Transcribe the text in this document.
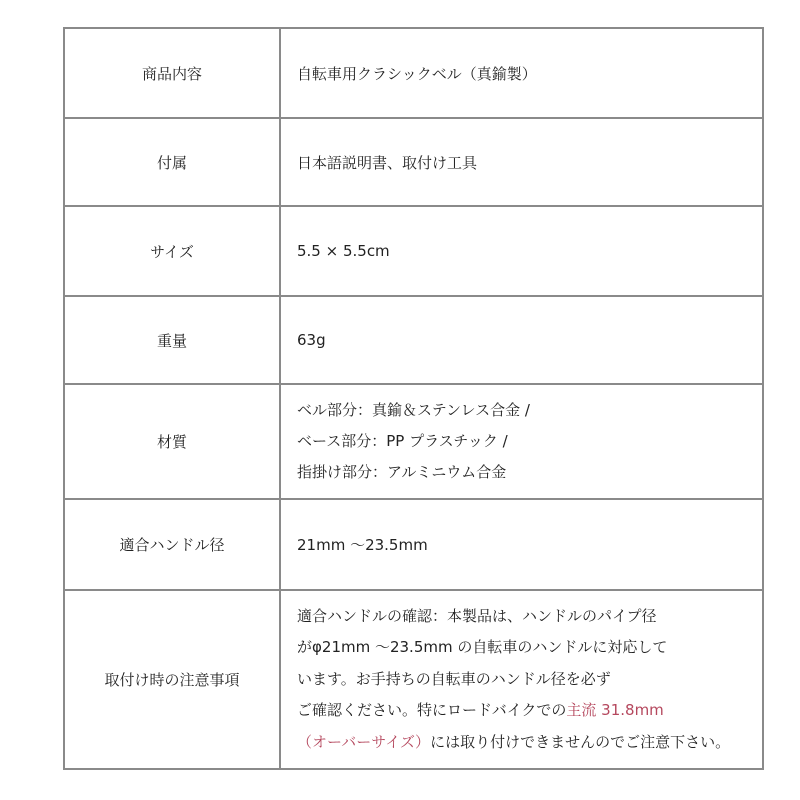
商品内容	自転車用クラシックベル（真鍮製）
付属	日本語説明書、取付け工具
サイズ	5.5 × 5.5cm
重量	63g
材質	ベル部分：真鍮＆ステンレス合金 /
ベース部分：PP プラスチック /
指掛け部分：アルミニウム合金

適合ハンドル径	21mm ～23.5mm
取付け時の注意事項	適合ハンドルの確認：本製品は、ハンドルのパイプ径
がφ21mm ～23.5mm の自転車のハンドルに対応して
います。お手持ちの自転車のハンドル径を必ず
ご確認ください。特にロードバイクでの主流 31.8mm
（オーバーサイズ）には取り付けできませんのでご注意下さい。
